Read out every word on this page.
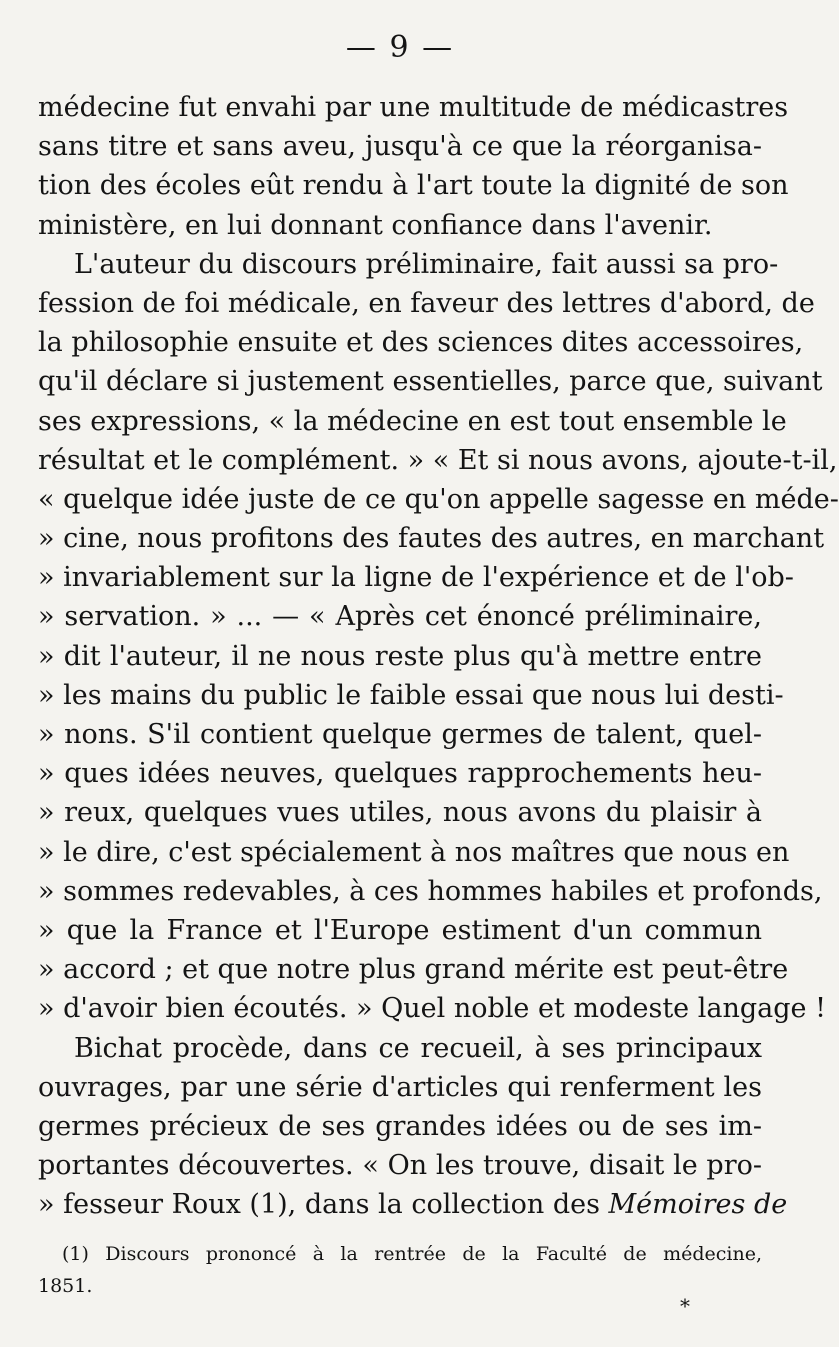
— 9 —
médecine fut envahi par une multitude de médicastres
sans titre et sans aveu, jusqu'à ce que la réorganisa-
tion des écoles eût rendu à l'art toute la dignité de son
ministère, en lui donnant confiance dans l'avenir.
L'auteur du discours préliminaire, fait aussi sa pro-
fession de foi médicale, en faveur des lettres d'abord, de
la philosophie ensuite et des sciences dites accessoires,
qu'il déclare si justement essentielles, parce que, suivant
ses expressions, « la médecine en est tout ensemble le
résultat et le complément. » « Et si nous avons, ajoute-t-il,
« quelque idée juste de ce qu'on appelle sagesse en méde-
» cine, nous profitons des fautes des autres, en marchant
» invariablement sur la ligne de l'expérience et de l'ob-
» servation. » ... — « Après cet énoncé préliminaire,
» dit l'auteur, il ne nous reste plus qu'à mettre entre
» les mains du public le faible essai que nous lui desti-
» nons. S'il contient quelque germes de talent, quel-
» ques idées neuves, quelques rapprochements heu-
» reux, quelques vues utiles, nous avons du plaisir à
» le dire, c'est spécialement à nos maîtres que nous en
» sommes redevables, à ces hommes habiles et profonds,
» que la France et l'Europe estiment d'un commun
» accord ; et que notre plus grand mérite est peut-être
» d'avoir bien écoutés. » Quel noble et modeste langage !
Bichat procède, dans ce recueil, à ses principaux
ouvrages, par une série d'articles qui renferment les
germes précieux de ses grandes idées ou de ses im-
portantes découvertes. « On les trouve, disait le pro-
» fesseur Roux (1), dans la collection des Mémoires de
(1) Discours prononcé à la rentrée de la Faculté de médecine,
1851.
*
